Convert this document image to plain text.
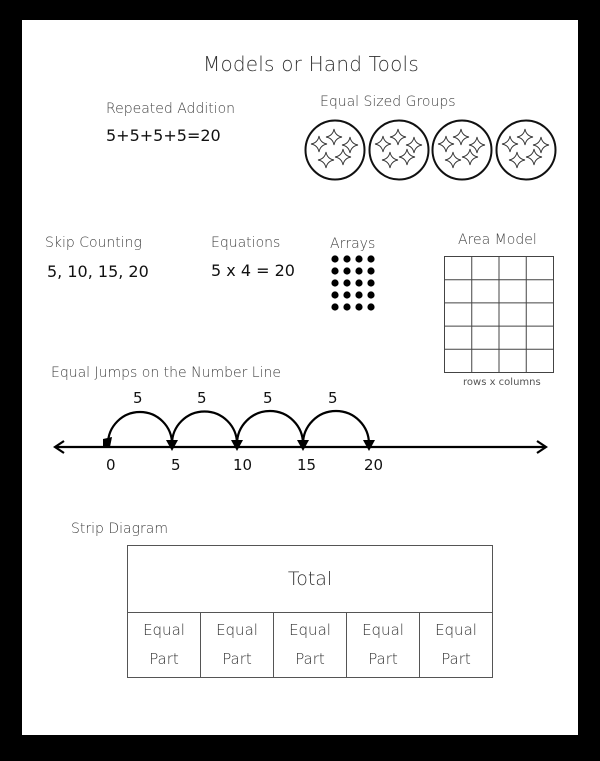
Models or Hand Tools
Repeated Addition
5+5+5+5=20
Equal Sized Groups
Skip Counting
5, 10, 15, 20
Equations
5 x 4 = 20
Arrays	Area Model
rows x columns
Equal Jumps on the Number Line
5	5	5	5
0	5	10	15	20
Strip Diagram
Total
Equal
Part
Equal
Part
Equal
Part
Equal
Part
Equal
Part
